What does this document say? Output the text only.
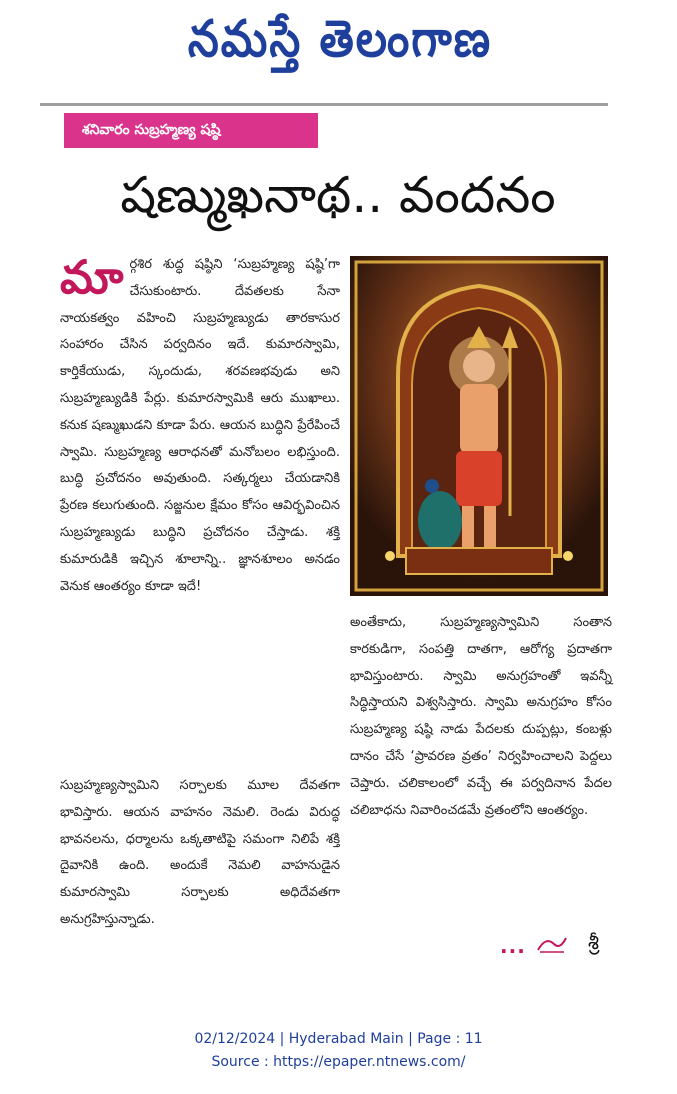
నమస్తే తెలంగాణ
శనివారం సుబ్రహ్మణ్య షష్ఠి
షణ్ముఖనాథ.. వందనం
మా ర్గశిర శుద్ధ షష్ఠిని ‘సుబ్రహ్మణ్య షష్ఠి’గా చేసుకుంటారు. దేవతలకు సేనా నాయకత్వం వహించి సుబ్రహ్మణ్యుడు తారకాసుర సంహారం చేసిన పర్వదినం ఇదే. కుమారస్వామి, కార్తికేయుడు, స్కందుడు, శరవణభవుడు అని సుబ్రహ్మణ్యుడికి పేర్లు. కుమారస్వామికి ఆరు ముఖాలు. కనుక షణ్ముఖుడని కూడా పేరు. ఆయన బుద్ధిని ప్రేరేపించే స్వామి. సుబ్రహ్మణ్య ఆరాధనతో మనోబలం లభిస్తుంది. బుద్ధి ప్రచోదనం అవుతుంది. సత్కర్మలు చేయడానికి ప్రేరణ కలుగుతుంది. సజ్జనుల క్షేమం కోసం ఆవిర్భవించిన సుబ్రహ్మణ్యుడు బుద్ధిని ప్రచోదనం చేస్తాడు. శక్తి కుమారుడికి ఇచ్చిన శూలాన్ని.. జ్ఞానశూలం అనడం వెనుక ఆంతర్యం కూడా ఇదే!

సుబ్రహ్మణ్యస్వామిని సర్పాలకు మూల దేవతగా భావిస్తారు. ఆయన వాహనం నెమలి. రెండు విరుద్ధ భావనలను, ధర్మాలను ఒక్కతాటిపై సమంగా నిలిపే శక్తి దైవానికి ఉంది. అందుకే నెమలి వాహనుడైన కుమారస్వామి సర్పాలకు అధిదేవతగా అనుగ్రహిస్తున్నాడు.

అంతేకాదు, సుబ్రహ్మణ్యస్వామిని సంతాన కారకుడిగా, సంపత్తి దాతగా, ఆరోగ్య ప్రదాతగా భావిస్తుంటారు. స్వామి అనుగ్రహంతో ఇవన్నీ సిద్ధిస్తాయని విశ్వసిస్తారు. స్వామి అనుగ్రహం కోసం సుబ్రహ్మణ్య షష్ఠి నాడు పేదలకు దుప్పట్లు, కంబళ్లు దానం చేసే ‘ప్రావరణ వ్రతం’ నిర్వహించాలని పెద్దలు చెప్తారు. చలికాలంలో వచ్చే ఈ పర్వదినాన పేదల చలిబాధను నివారించడమే వ్రతంలోని ఆంతర్యం.

...	శ్రీ
02/12/2024 | Hyderabad Main | Page : 11
Source : https://epaper.ntnews.com/
